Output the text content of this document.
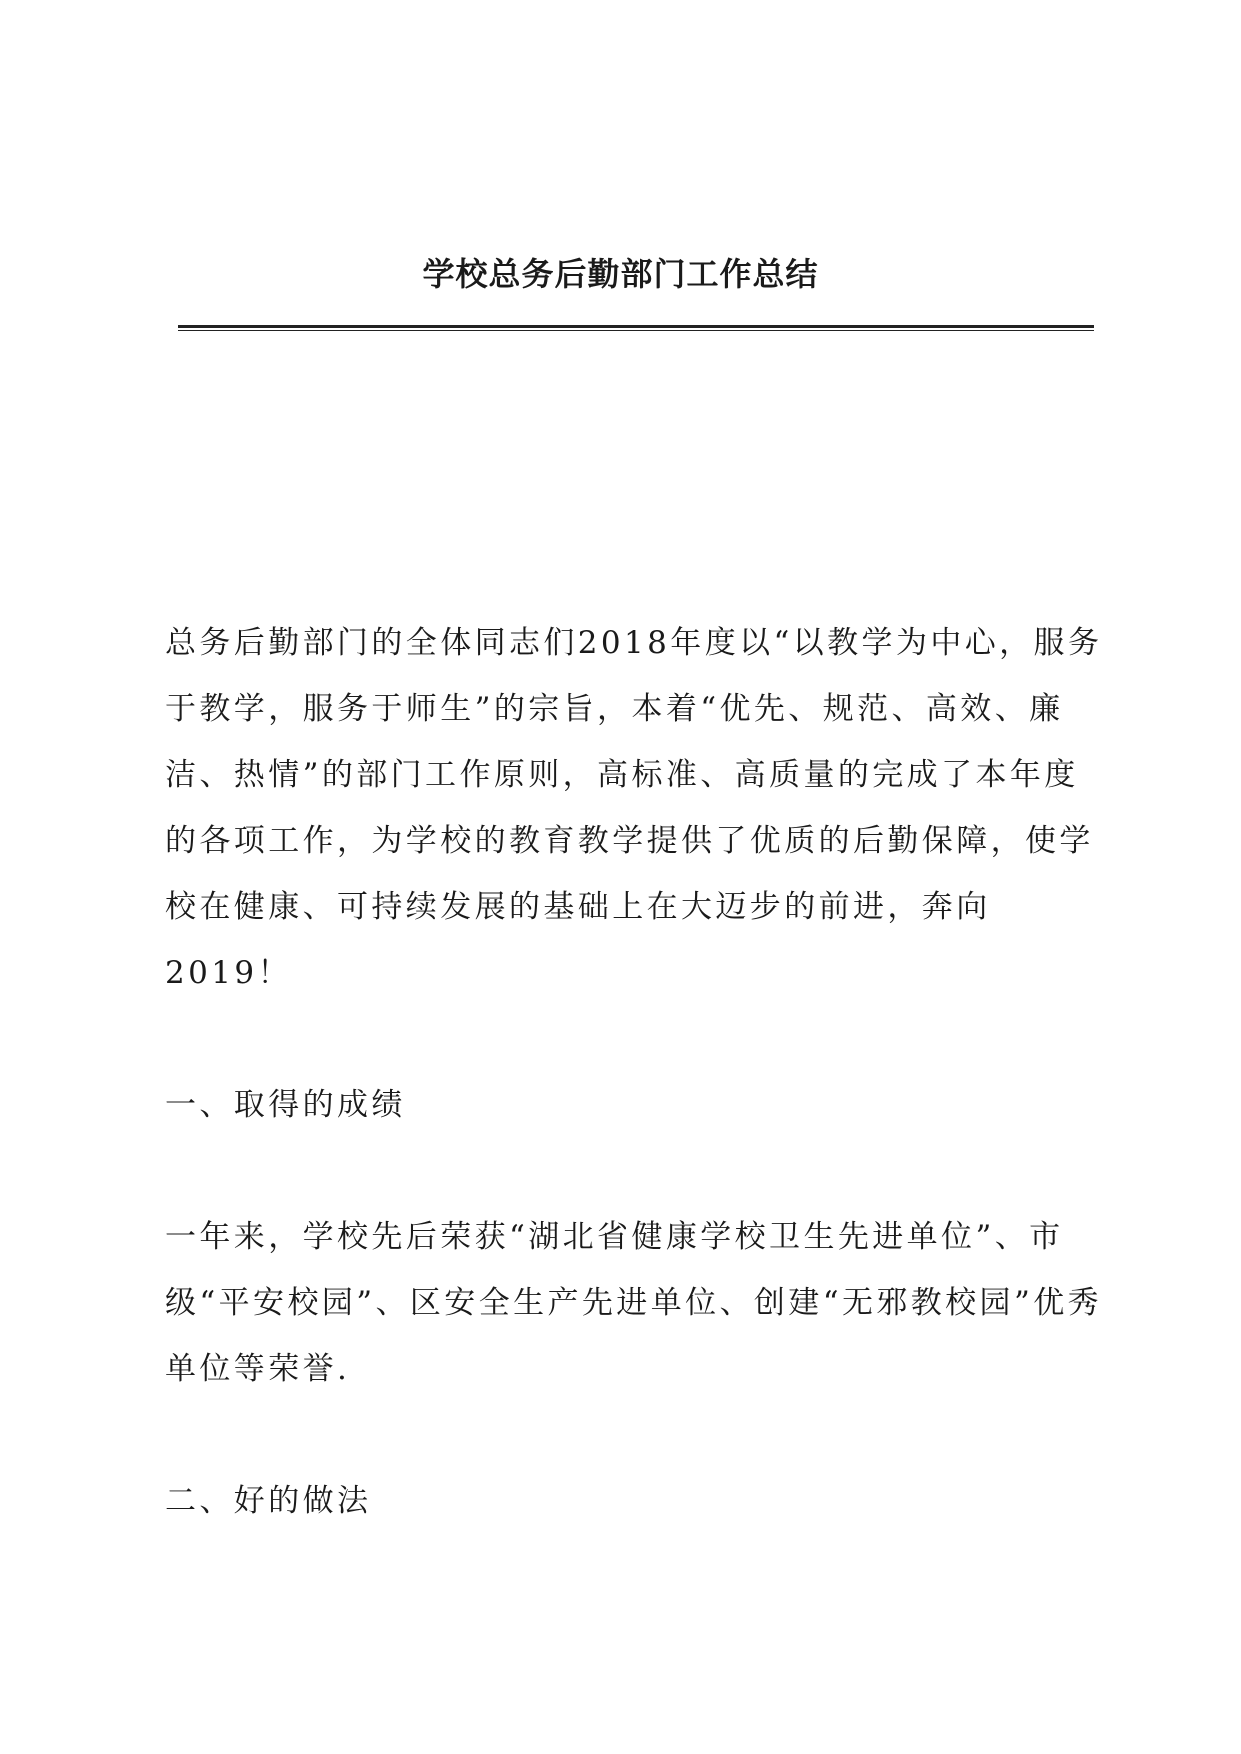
学校总务后勤部门工作总结

总务后勤部门的全体同志们2018年度以“以教学为中心，服务于教学，服务于师生”的宗旨，本着“优先、规范、高效、廉洁、热情”的部门工作原则，高标准、高质量的完成了本年度的各项工作，为学校的教育教学提供了优质的后勤保障，使学校在健康、可持续发展的基础上在大迈步的前进，奔向2019！

一、取得的成绩

一年来，学校先后荣获“湖北省健康学校卫生先进单位”、市级“平安校园”、区安全生产先进单位、创建“无邪教校园”优秀单位等荣誉.

二、好的做法
